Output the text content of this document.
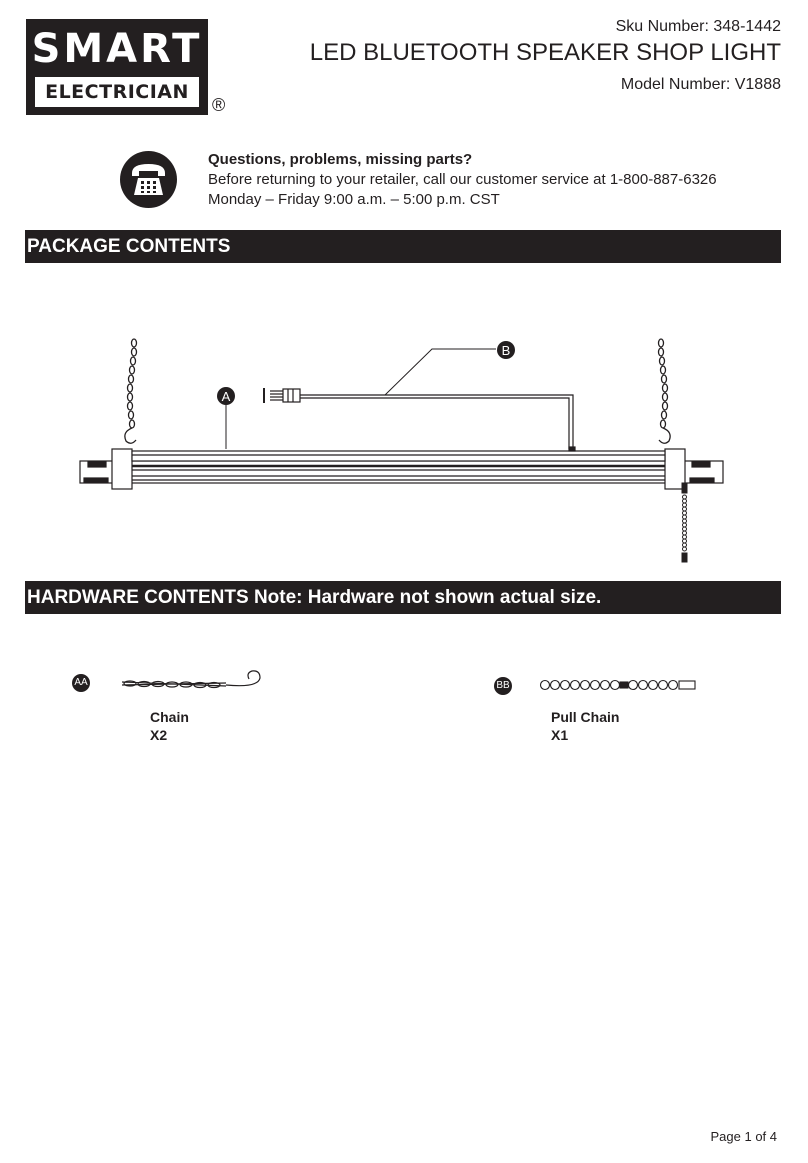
SMART
ELECTRICIAN
®
Sku Number: 348-1442
LED BLUETOOTH SPEAKER SHOP LIGHT
Model Number: V1888
Questions, problems, missing parts?
Before returning to your retailer, call our customer service at 1-800-887-6326
Monday – Friday 9:00 a.m. – 5:00 p.m. CST
PACKAGE CONTENTS
A
B
HARDWARE CONTENTS Note: Hardware not shown actual size.
AA
Chain
X2
BB
Pull Chain
X1
Page 1 of 4
